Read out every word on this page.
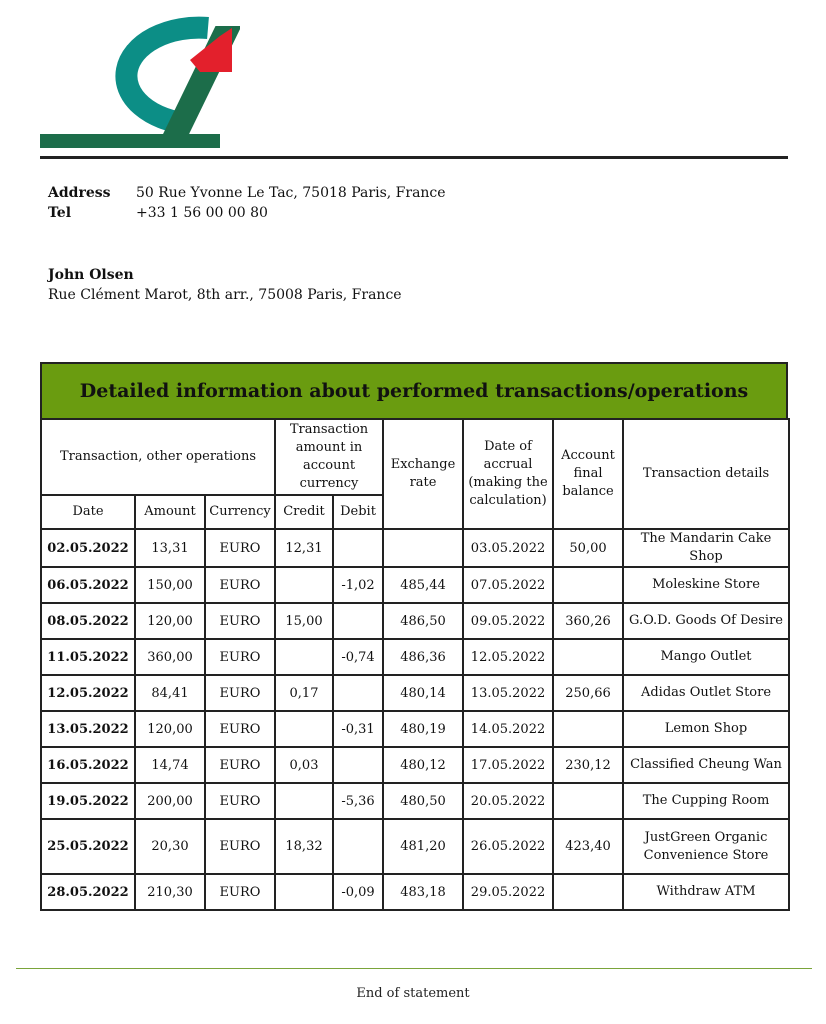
Address	50 Rue Yvonne Le Tac, 75018 Paris, France
Tel	+33 1 56 00 00 80
John Olsen
Rue Clément Marot, 8th arr., 75008 Paris, France
Detailed information about performed transactions/operations
Transaction, other operations			Transaction amount in account currency		Exchange rate	Date of accrual (making the calculation)	Account final balance	Transaction details
Date	Amount	Currency	Credit	Debit				
02.05.2022	13,31	EURO	12,31			03.05.2022	50,00	The Mandarin Cake Shop
06.05.2022	150,00	EURO		-1,02	485,44	07.05.2022		Moleskine Store
08.05.2022	120,00	EURO	15,00		486,50	09.05.2022	360,26	G.O.D. Goods Of Desire
11.05.2022	360,00	EURO		-0,74	486,36	12.05.2022		Mango Outlet
12.05.2022	84,41	EURO	0,17		480,14	13.05.2022	250,66	Adidas Outlet Store
13.05.2022	120,00	EURO		-0,31	480,19	14.05.2022		Lemon Shop
16.05.2022	14,74	EURO	0,03		480,12	17.05.2022	230,12	Classified Cheung Wan
19.05.2022	200,00	EURO		-5,36	480,50	20.05.2022		The Cupping Room
25.05.2022	20,30	EURO	18,32		481,20	26.05.2022	423,40	JustGreen Organic Convenience Store
28.05.2022	210,30	EURO		-0,09	483,18	29.05.2022		Withdraw ATM
End of statement
